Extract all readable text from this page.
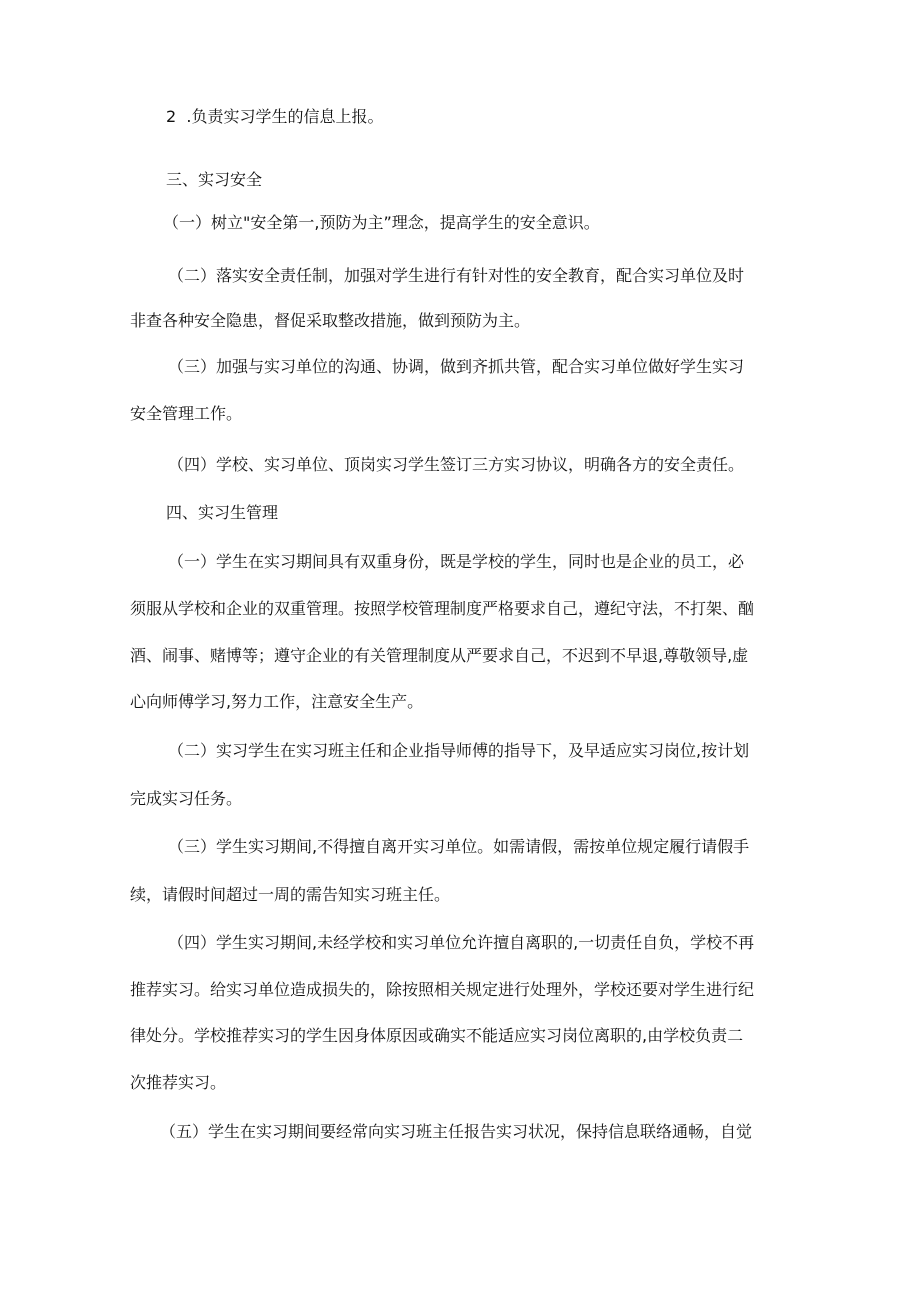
2  .负责实习学生的信息上报。

三、实习安全

（一）树立"安全第一,预防为主”理念，提高学生的安全意识。

（二）落实安全责任制，加强对学生进行有针对性的安全教育，配合实习单位及时

非查各种安全隐患，督促采取整改措施，做到预防为主。

（三）加强与实习单位的沟通、协调，做到齐抓共管，配合实习单位做好学生实习

安全管理工作。

（四）学校、实习单位、顶岗实习学生签订三方实习协议，明确各方的安全责任。

四、实习生管理

（一）学生在实习期间具有双重身份，既是学校的学生，同时也是企业的员工，必

须服从学校和企业的双重管理。按照学校管理制度严格要求自己，遵纪守法，不打架、酗

酒、闹事、赌博等；遵守企业的有关管理制度从严要求自己，不迟到不早退,尊敬领导,虚

心向师傅学习,努力工作，注意安全生产。

（二）实习学生在实习班主任和企业指导师傅的指导下，及早适应实习岗位,按计划

完成实习任务。

（三）学生实习期间,不得擅自离开实习单位。如需请假，需按单位规定履行请假手

续，请假时间超过一周的需告知实习班主任。

（四）学生实习期间,未经学校和实习单位允许擅自离职的,一切责任自负，学校不再

推荐实习。给实习单位造成损失的，除按照相关规定进行处理外，学校还要对学生进行纪

律处分。学校推荐实习的学生因身体原因或确实不能适应实习岗位离职的,由学校负责二

次推荐实习。

（五）学生在实习期间要经常向实习班主任报告实习状况，保持信息联络通畅，自觉
